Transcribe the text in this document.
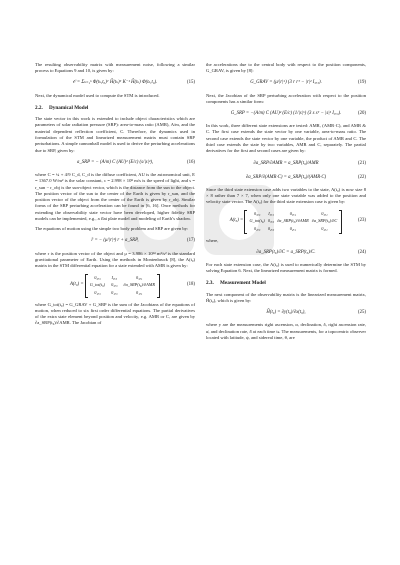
The resulting observability matrix with measurement noise, following a similar process to Equations 9 and 10, is given by:

𝒪 =
Σₖ₌₁ᵏ Φ(tₖ,t₀)ᵀ H̃(tₖ)ᵀ K⁻¹ H̃(tₖ) Φ(tₖ,t₀).	(15)

Next, the dynamical model used to compute the STM is introduced.

2.2. Dynamical Model

The state vector in this work is extended to include object characteristics which are parameters of solar radiation pressure (SRP): area-to-mass ratio (AMR), A/m, and the material dependent reflection coefficient, C. Therefore, the dynamics used in formulation of the STM and linearized measurement matrix must contain SRP perturbations. A simple cannonball model is used to derive the perturbing accelerations due to SRP, given by:

a_SRP = −
(A/m) C (AU)² (E/c) (s/|s|³),	(16)

where C = ¼ + 4/9 C_d, C_d is the diffuse coefficient, AU is the astronomical unit, E = 1367.0 W/m² is the solar constant, c = 2.998 × 10⁸ m/s is the speed of light, and s = r_sun − r_obj is the sun-object vector, which is the distance from the sun to the object. The position vector of the sun to the center of the Earth is given by r_sun, and the position vector of the object from the center of the Earth is given by r_obj. Similar forms of the SRP perturbing acceleration can be found in [6, 16]. Once methods for extending the observability state vector have been developed, higher fidelity SRP models can be implemented, e.g., a flat plate model and modeling of Earth’s shadow.

The equations of motion using the simple two body problem and SRP are given by:

r̈ = − (μ/|r|³) r + a_SRP,	(17)

where r is the position vector of the object and μ = 3.986 × 10¹⁴ m³/s² is the standard gravitational parameter of Earth. Using the methods in Montenbruck [8], the A(t₀) matrix in the STM differential equation for a state extended with AMR is given by:

A(t₀) =

0₃ₓ₃	I₃ₓ₃	0₃ₓ₁
G_tot(t₀) 0₃ₓ₃ ∂a_SRP(t₀)/∂AMR
0₁ₓ₃	0₁ₓ₃	0₁ₓ₁
(18)

where G_tot(t₀) = G_GRAV + G_SRP is the sum of the Jacobians of the equations of motion, when reduced to six first order differential equations. The partial derivatives of the extra state element beyond position and velocity, e.g. AMR or C, are given by ∂a_SRP(t₀)/∂AMR. The Jacobian of

the accelerations due to the central body with respect to the position components, G_GRAV, is given by [8]:

G_GRAV = (μ/|r|⁵) (3 r rᵀ − |r|² I₃ₓ₃).	(19)

Next, the Jacobian of the SRP perturbing acceleration with respect to the position components has a similar form:

G_SRP = −(A/m) C (AU)² (E/c) (1/|s|⁵) (3 s sᵀ − |s|² I₃ₓ₃).	(20)

In this work, three different state extensions are tested: AMR, (AMR·C), and AMR & C. The first case extends the state vector by one variable, area-to-mass ratio. The second case extends the state vector by one variable, the product of AMR and C. The third case extends the state by two variables, AMR and C, separately. The partial derivatives for the first and second cases are given by:

∂a_SRP/∂AMR
= a_SRP(t₀)/AMR	(21)
∂a_SRP/∂(AMR·C)
= a_SRP(t₀)/(AMR·C)	(22)

Since the third state extension case adds two variables to the state, A(t₀) is now size 8 × 8 rather than 7 × 7, when only one state variable was added to the position and velocity state vector. The A(t₀) for the third state extension case is given by:

A(t₀) =

0₃ₓ₃	I₃ₓ₃	0₃ₓ₁	0₃ₓ₁
G_tot(t₀) 0₃ₓ₃ ∂a_SRP(t₀)/∂AMR ∂a_SRP(t₀)/∂C
0₂ₓ₃	0₂ₓ₃	0₂ₓ₁	0₂ₓ₁
(23)

where,

∂a_SRP(t₀)/∂C = a_SRP(t₀)/C.	(24)

For each state extension case, the A(t₀) is used to numerically determine the STM by solving Equation 6. Next, the linearized measurement matrix is formed.

2.3. Measurement Model

The next component of the observability matrix is the linearized measurement matrix, H̃(t₀), which is given by:

H̃(t₀) = ∂y(t₀)/∂x(t₀),	(25)

where y are the measurements right ascension, α, declination, δ, right ascension rate, α̇, and declination rate, δ̇ at each time tₖ. The measurements, for a topocentric observer located with latitude, ψ, and sidereal time, θ, are
